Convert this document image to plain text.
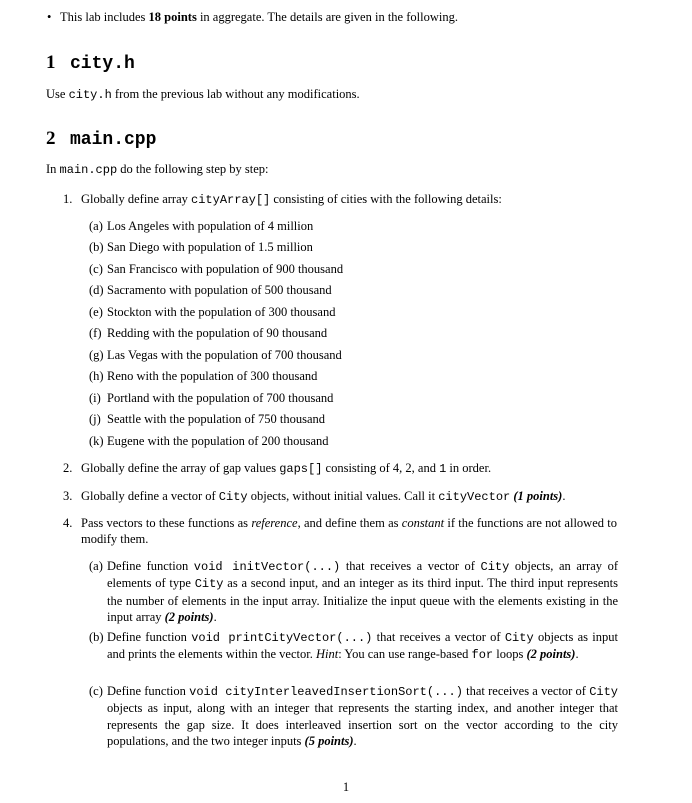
• This lab includes 18 points in aggregate. The details are given in the following.
1 city.h
Use city.h from the previous lab without any modifications.
2 main.cpp
In main.cpp do the following step by step:
1. Globally define array cityArray[] consisting of cities with the following details:
(a) Los Angeles with population of 4 million
(b) San Diego with population of 1.5 million
(c) San Francisco with population of 900 thousand
(d) Sacramento with population of 500 thousand
(e) Stockton with the population of 300 thousand
(f) Redding with the population of 90 thousand
(g) Las Vegas with the population of 700 thousand
(h) Reno with the population of 300 thousand
(i) Portland with the population of 700 thousand
(j) Seattle with the population of 750 thousand
(k) Eugene with the population of 200 thousand
2. Globally define the array of gap values gaps[] consisting of 4, 2, and 1 in order.
3. Globally define a vector of City objects, without initial values. Call it cityVector (1 points).
4. Pass vectors to these functions as reference, and define them as constant if the functions are not allowed to modify them.
(a) Define function void initVector(...) that receives a vector of City objects, an array of elements of type City as a second input, and an integer as its third input. The third input represents the number of elements in the input array. Initialize the input queue with the elements existing in the input array (2 points).
(b) Define function void printCityVector(...) that receives a vector of City objects as input and prints the elements within the vector. Hint: You can use range-based for loops (2 points).
(c) Define function void cityInterleavedInsertionSort(...) that receives a vector of City objects as input, along with an integer that represents the starting index, and another integer that represents the gap size. It does interleaved insertion sort on the vector according to the city populations, and the two integer inputs (5 points).
1
